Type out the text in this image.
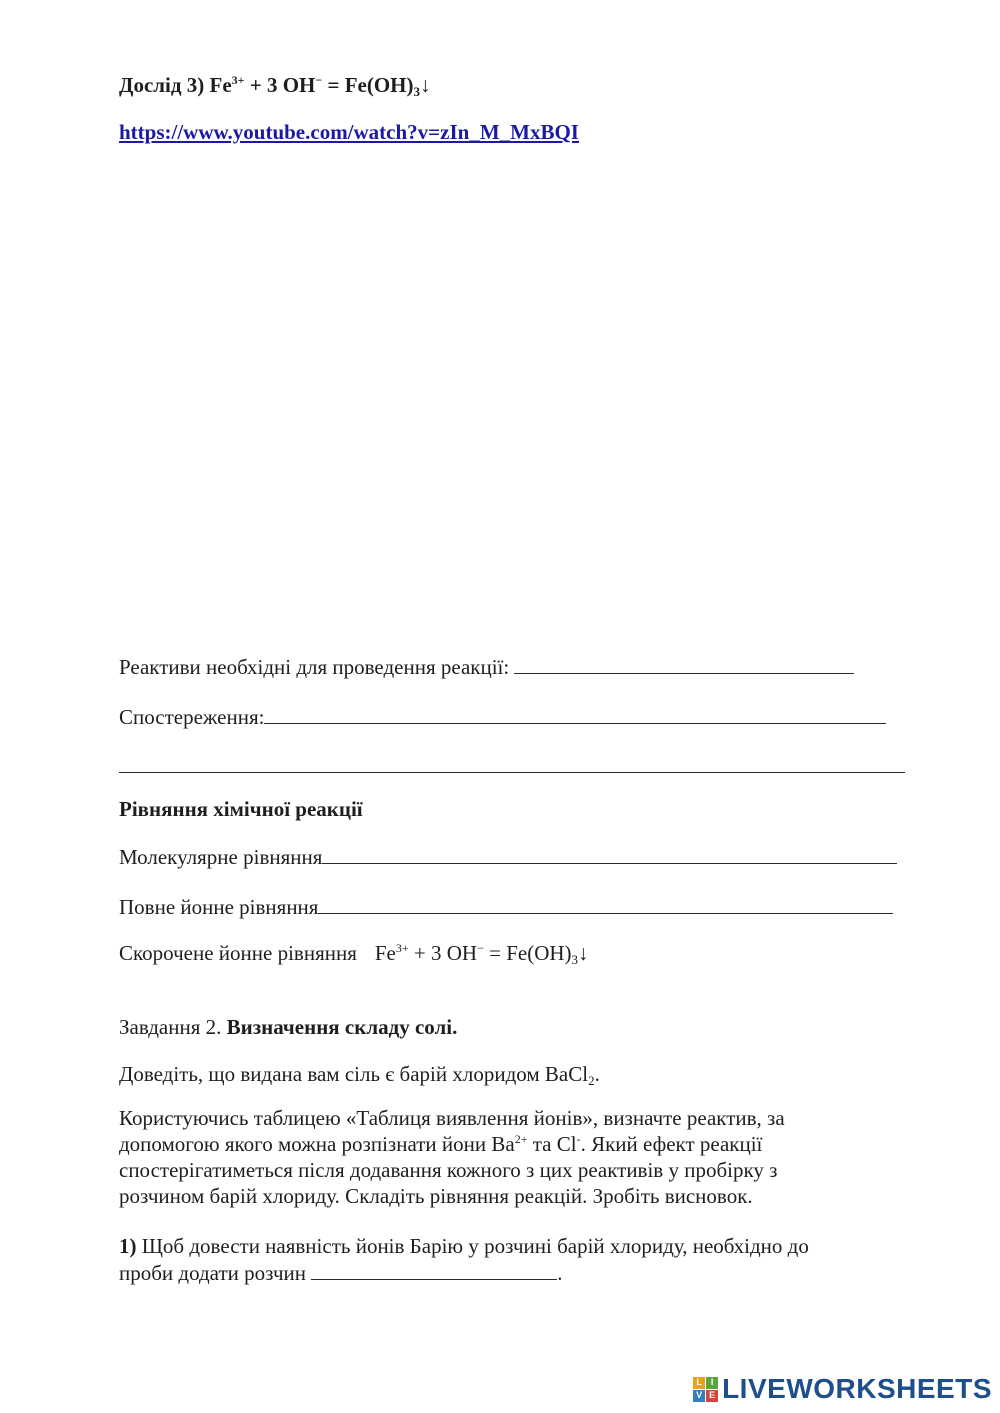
Дослід 3) $Fe^{3+} + 3$ $OH^- = Fe(OH)_3↓$
https://www.youtube.com/watch?v=zIn_M_MxBQI
Реактиви необхідні для проведення реакції:
Спостереження:
Рівняння хімічної реакції
Молекулярне рівняння
Повне йонне рівняння
Скорочене йонне рівняння $Fe^{3+} + 3$ $OH^- = Fe(OH)_3↓$
Завдання 2. Визначення складу солі.
Доведіть, що видана вам сіль є барій хлоридом BaCl$_2$.
Користуючись таблицею «Таблиця виявлення йонів», визначте реактив, за
допомогою якого можна розпізнати йони $Ba^{2+}$ та Cl-. Який ефект реакції
спостерігатиметься після додавання кожного з цих реактивів у пробірку з
розчином барій хлориду. Складіть рівняння реакцій. Зробіть висновок.
1) Щоб довести наявність йонів Барію у розчині барій хлориду, необхідно до
проби додати розчин	.
L I
V E LIVEWORKSHEETS
